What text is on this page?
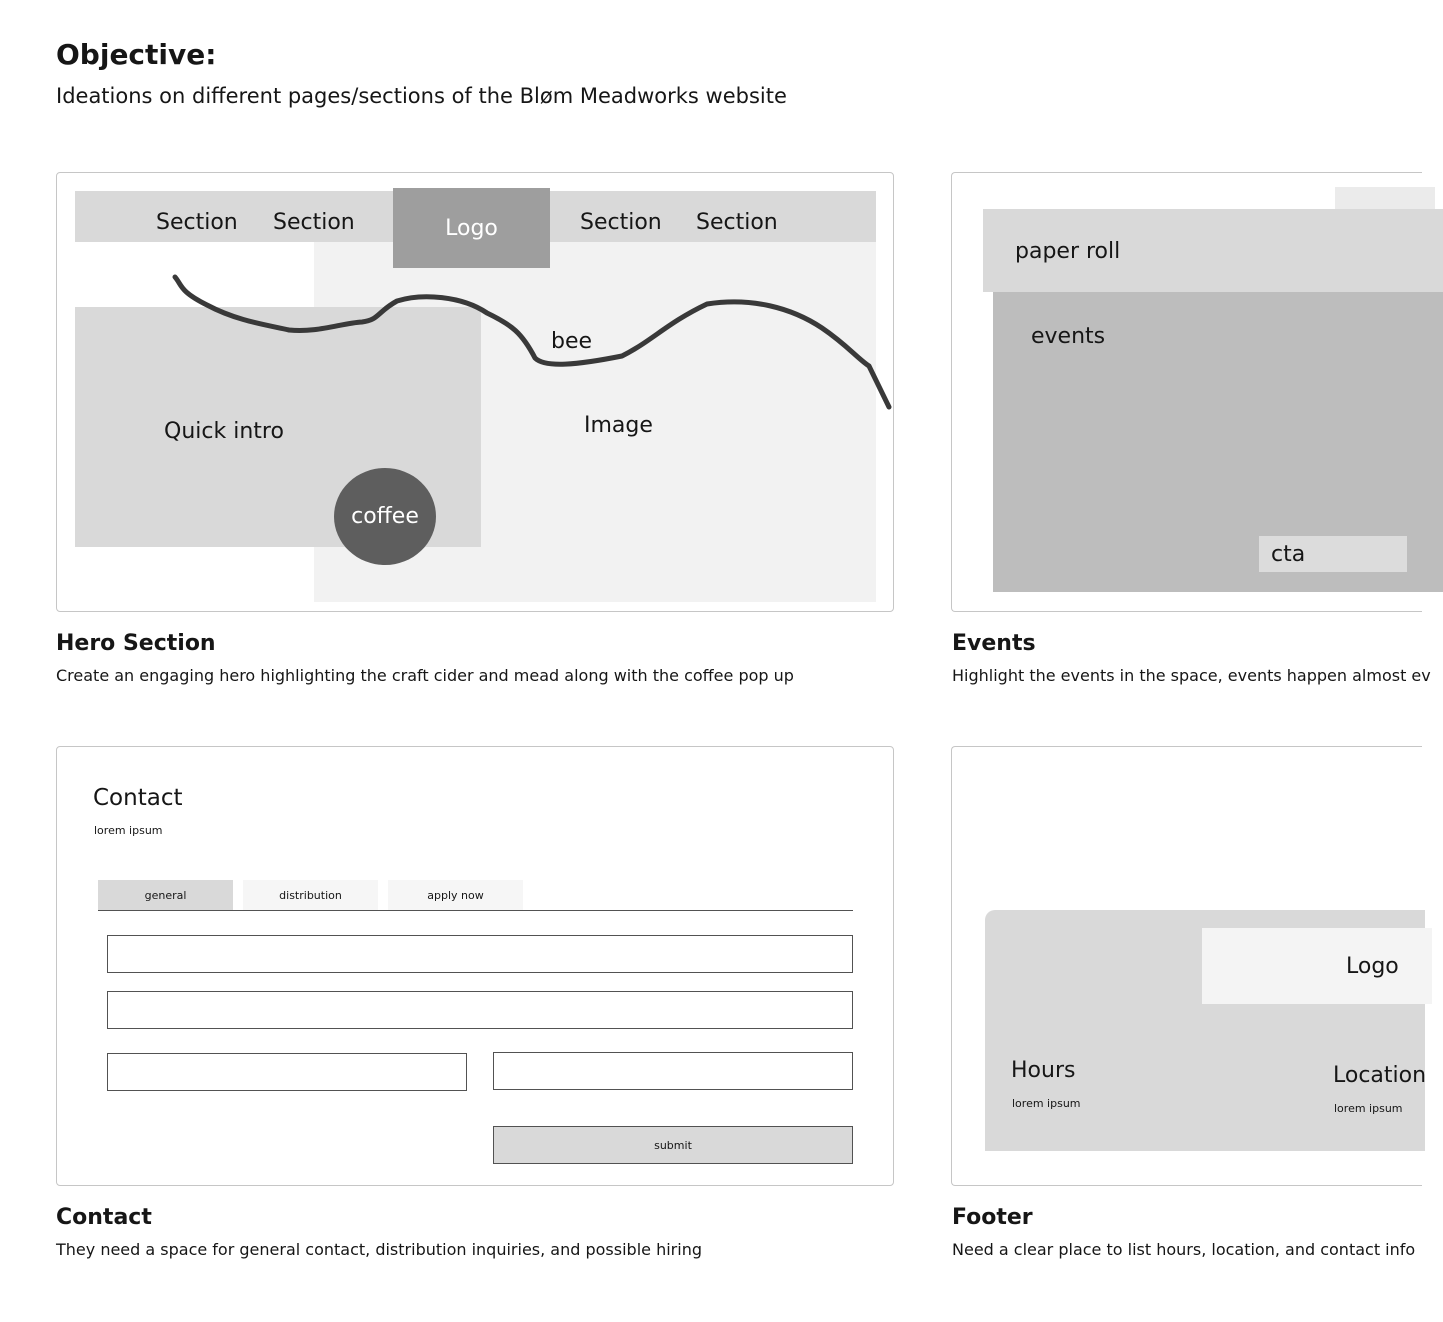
Objective:
Ideations on different pages/sections of the Bløm Meadworks website
Section Section	Logo	Section Section
Quick intro
bee
Image
coffee
Hero Section
Create an engaging hero highlighting the craft cider and mead along with the coffee pop up
paper roll
events
cta
Events
Highlight the events in the space, events happen almost ev
Contact
lorem ipsum
general	distribution	apply now
submit
Contact
They need a space for general contact, distribution inquiries, and possible hiring
Logo
Hours
lorem ipsum
Location
lorem ipsum
Footer
Need a clear place to list hours, location, and contact info
